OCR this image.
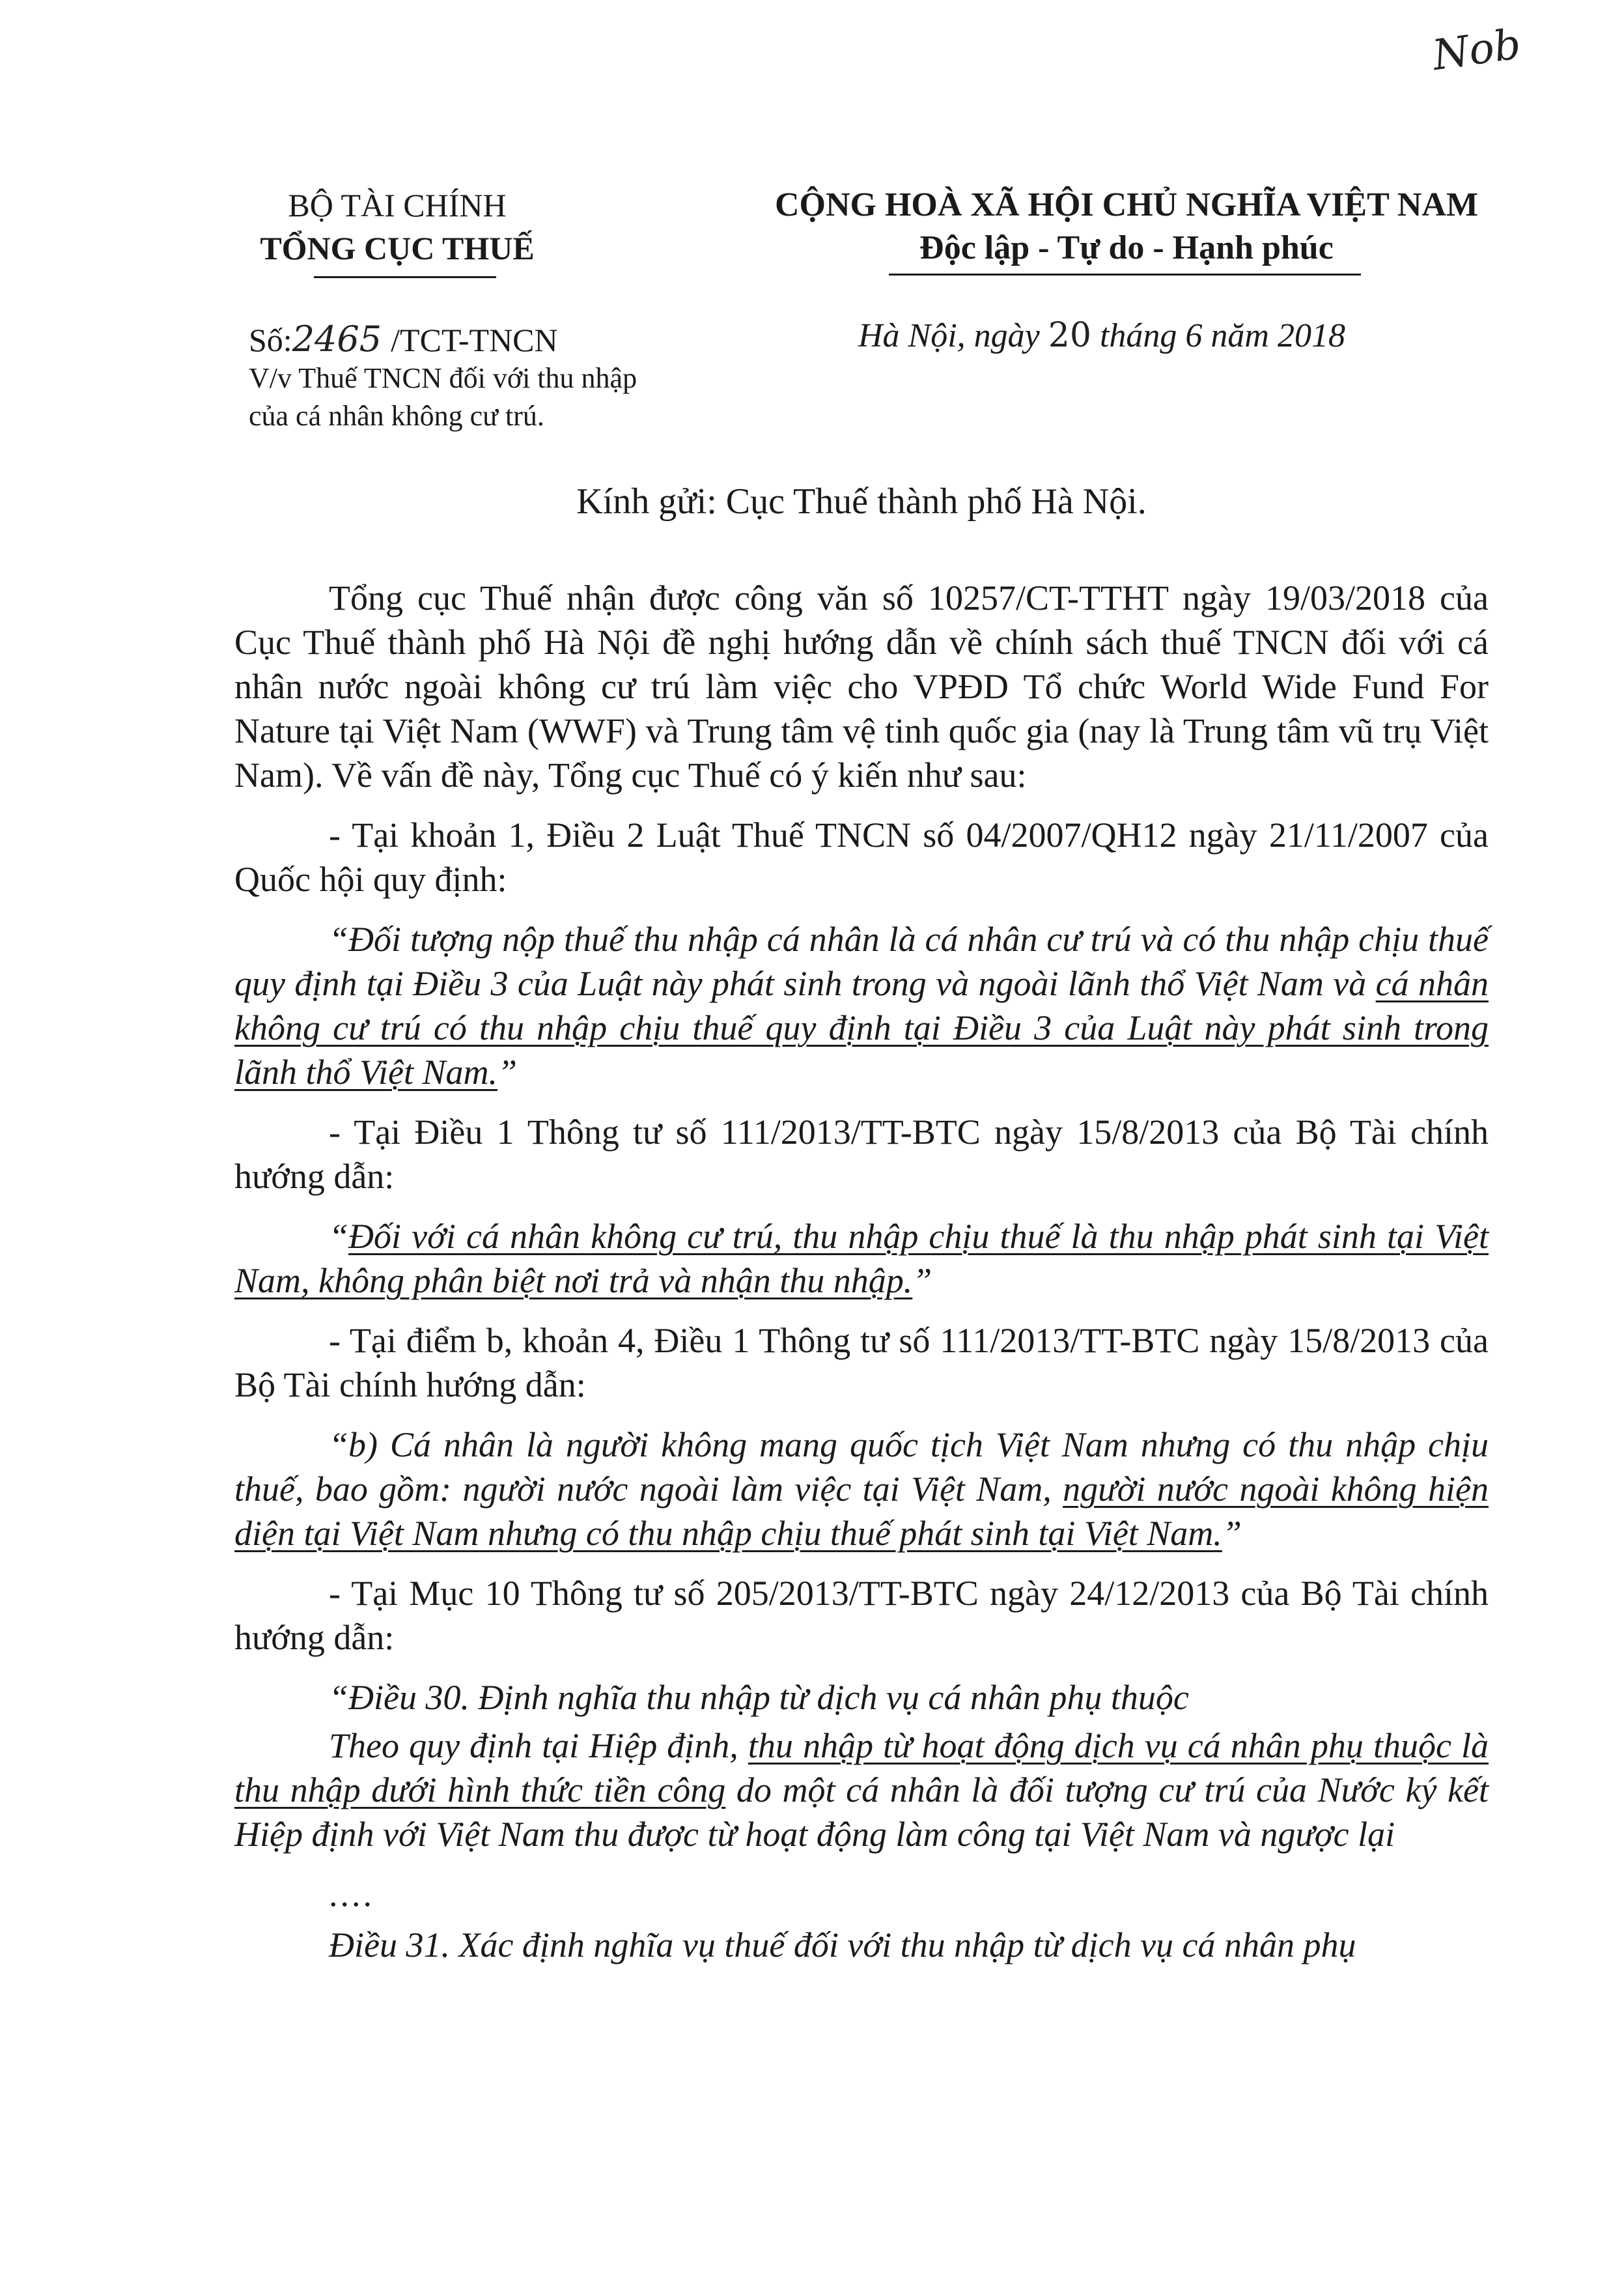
Nob
BỘ TÀI CHÍNH
TỔNG CỤC THUẾ
CỘNG HOÀ XÃ HỘI CHỦ NGHĨA VIỆT NAM
Độc lập - Tự do - Hạnh phúc
Số:2465 /TCT-TNCN
V/v Thuế TNCN đối với thu nhập
của cá nhân không cư trú.
Hà Nội, ngày 20 tháng 6 năm 2018
Kính gửi: Cục Thuế thành phố Hà Nội.

Tổng cục Thuế nhận được công văn số 10257/CT-TTHT ngày 19/03/2018 của Cục Thuế thành phố Hà Nội đề nghị hướng dẫn về chính sách thuế TNCN đối với cá nhân nước ngoài không cư trú làm việc cho VPĐD Tổ chức World Wide Fund For Nature tại Việt Nam (WWF) và Trung tâm vệ tinh quốc gia (nay là Trung tâm vũ trụ Việt Nam). Về vấn đề này, Tổng cục Thuế có ý kiến như sau:

- Tại khoản 1, Điều 2 Luật Thuế TNCN số 04/2007/QH12 ngày 21/11/2007 của Quốc hội quy định:

“Đối tượng nộp thuế thu nhập cá nhân là cá nhân cư trú và có thu nhập chịu thuế quy định tại Điều 3 của Luật này phát sinh trong và ngoài lãnh thổ Việt Nam và cá nhân không cư trú có thu nhập chịu thuế quy định tại Điều 3 của Luật này phát sinh trong lãnh thổ Việt Nam.”

- Tại Điều 1 Thông tư số 111/2013/TT-BTC ngày 15/8/2013 của Bộ Tài chính hướng dẫn:

“Đối với cá nhân không cư trú, thu nhập chịu thuế là thu nhập phát sinh tại Việt Nam, không phân biệt nơi trả và nhận thu nhập.”

- Tại điểm b, khoản 4, Điều 1 Thông tư số 111/2013/TT-BTC ngày 15/8/2013 của Bộ Tài chính hướng dẫn:

“b) Cá nhân là người không mang quốc tịch Việt Nam nhưng có thu nhập chịu thuế, bao gồm: người nước ngoài làm việc tại Việt Nam, người nước ngoài không hiện diện tại Việt Nam nhưng có thu nhập chịu thuế phát sinh tại Việt Nam.”

- Tại Mục 10 Thông tư số 205/2013/TT-BTC ngày 24/12/2013 của Bộ Tài chính hướng dẫn:

“Điều 30. Định nghĩa thu nhập từ dịch vụ cá nhân phụ thuộc

Theo quy định tại Hiệp định, thu nhập từ hoạt động dịch vụ cá nhân phụ thuộc là thu nhập dưới hình thức tiền công do một cá nhân là đối tượng cư trú của Nước ký kết Hiệp định với Việt Nam thu được từ hoạt động làm công tại Việt Nam và ngược lại

....

Điều 31. Xác định nghĩa vụ thuế đối với thu nhập từ dịch vụ cá nhân phụ
